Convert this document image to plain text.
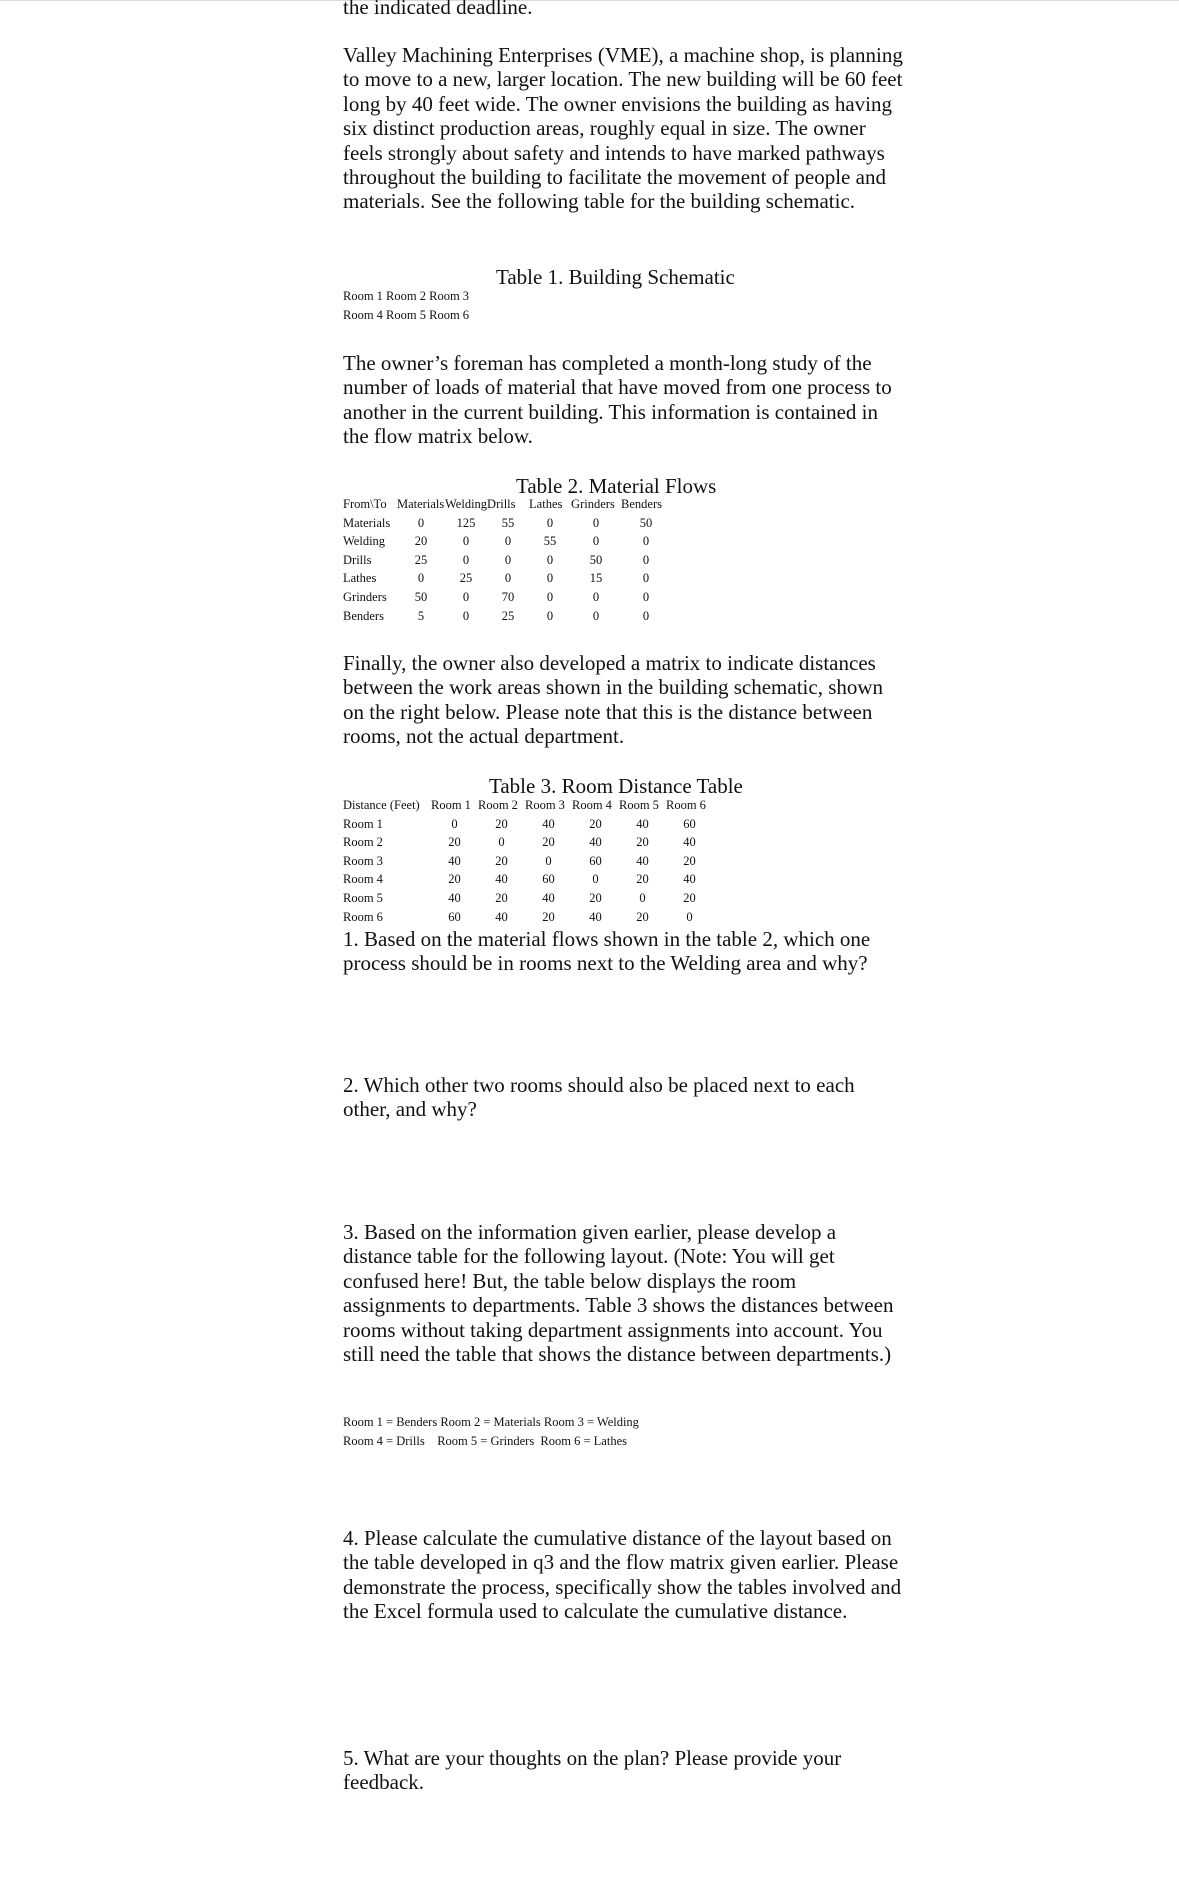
the indicated deadline.

Valley Machining Enterprises (VME), a machine shop, is planning to move to a new, larger location. The new building will be 60 feet long by 40 feet wide. The owner envisions the building as having six distinct production areas, roughly equal in size. The owner feels strongly about safety and intends to have marked pathways throughout the building to facilitate the movement of people and materials. See the following table for the building schematic.

Table 1. Building Schematic
Room 1 Room 2 Room 3
Room 4 Room 5 Room 6

The owner’s foreman has completed a month-long study of the number of loads of material that have moved from one process to another in the current building. This information is contained in the flow matrix below.

Table 2. Material Flows
From\To	Materials	Welding	Drills	Lathes	Grinders	Benders
Materials	0	125	55	0	0	50
Welding	20	0	0	55	0	0
Drills	25	0	0	0	50	0
Lathes	0	25	0	0	15	0
Grinders	50	0	70	0	0	0
Benders	5	0	25	0	0	0

Finally, the owner also developed a matrix to indicate distances between the work areas shown in the building schematic, shown on the right below. Please note that this is the distance between rooms, not the actual department.

Table 3. Room Distance Table
Distance (Feet)	Room 1	Room 2	Room 3	Room 4	Room 5	Room 6
Room 1	0	20	40	20	40	60
Room 2	20	0	20	40	20	40
Room 3	40	20	0	60	40	20
Room 4	20	40	60	0	20	40
Room 5	40	20	40	20	0	20
Room 6	60	40	20	40	20	0

1. Based on the material flows shown in the table 2, which one process should be in rooms next to the Welding area and why?

2. Which other two rooms should also be placed next to each other, and why?

3. Based on the information given earlier, please develop a distance table for the following layout. (Note: You will get confused here! But, the table below displays the room assignments to departments. Table 3 shows the distances between rooms without taking department assignments into account. You still need the table that shows the distance between departments.)

Room 1 = Benders Room 2 = Materials Room 3 = Welding
Room 4 = Drills    Room 5 = Grinders  Room 6 = Lathes

4. Please calculate the cumulative distance of the layout based on the table developed in q3 and the flow matrix given earlier. Please demonstrate the process, specifically show the tables involved and the Excel formula used to calculate the cumulative distance.

5. What are your thoughts on the plan? Please provide your feedback.
